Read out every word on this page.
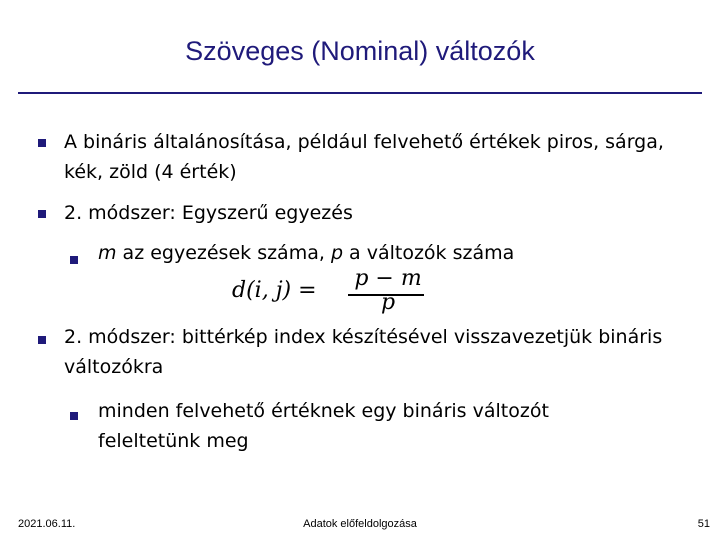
Szöveges (Nominal) változók
A bináris általánosítása, például felvehető értékek piros, sárga, kék, zöld (4 érték)
2. módszer: Egyszerű egyezés
m az egyezések száma, p a változók száma
d(i, j) = p − m
p
2. módszer: bittérkép index készítésével visszavezetjük bináris változókra
minden felvehető értéknek egy bináris változót feleltetünk meg
2021.06.11.	Adatok előfeldolgozása	51
